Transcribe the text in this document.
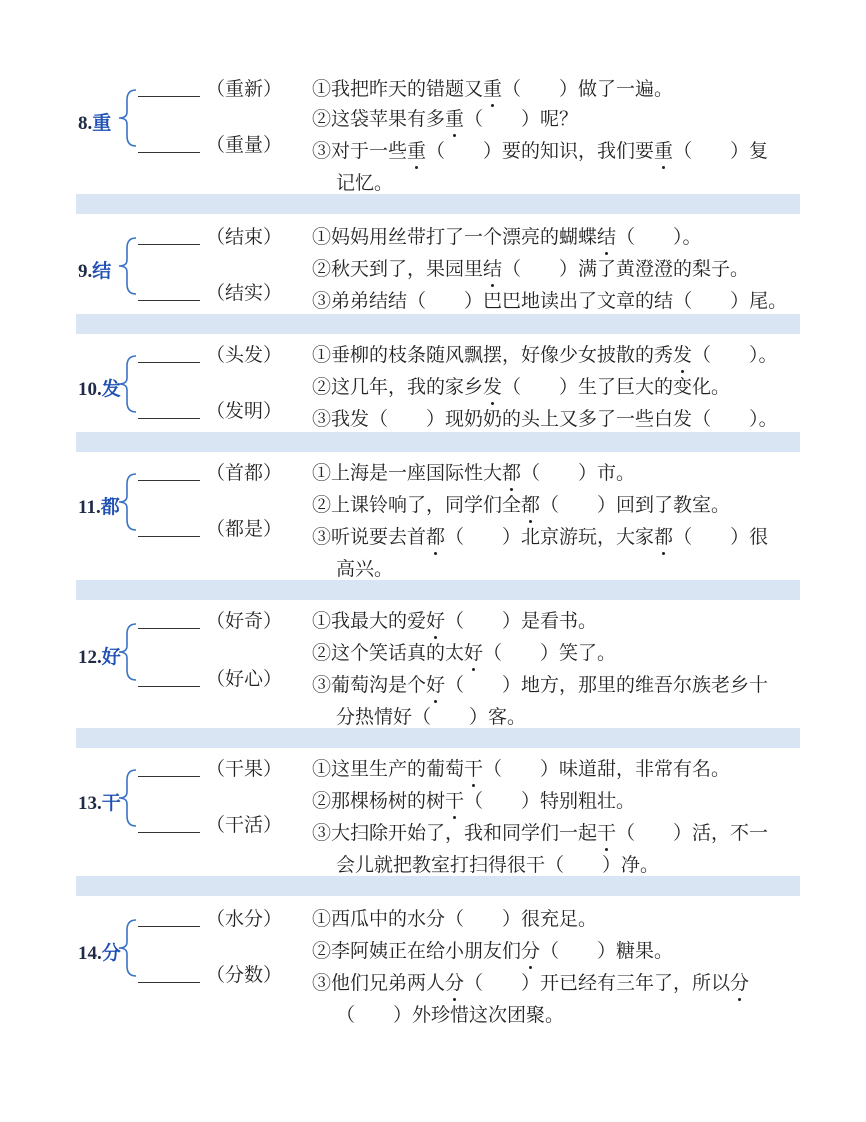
8.重
（重新）
（重量）
①我把昨天的错题又重（　　）做了一遍。
②这袋苹果有多重（　　）呢？
③对于一些重（　　）要的知识，我们要重（　　）复
记忆。
9.结
（结束）
（结实）
①妈妈用丝带打了一个漂亮的蝴蝶结（　　）。
②秋天到了，果园里结（　　）满了黄澄澄的梨子。
③弟弟结结（　　）巴巴地读出了文章的结（　　）尾。
10.发
（头发）
（发明）
①垂柳的枝条随风飘摆，好像少女披散的秀发（　　）。
②这几年，我的家乡发（　　）生了巨大的变化。
③我发（　　）现奶奶的头上又多了一些白发（　　）。
11.都
（首都）
（都是）
①上海是一座国际性大都（　　）市。
②上课铃响了，同学们全都（　　）回到了教室。
③听说要去首都（　　）北京游玩，大家都（　　）很
高兴。
12.好
（好奇）
（好心）
①我最大的爱好（　　）是看书。
②这个笑话真的太好（　　）笑了。
③葡萄沟是个好（　　）地方，那里的维吾尔族老乡十
分热情好（　　）客。
13.干
（干果）
（干活）
①这里生产的葡萄干（　　）味道甜，非常有名。
②那棵杨树的树干（　　）特别粗壮。
③大扫除开始了，我和同学们一起干（　　）活，不一
会儿就把教室打扫得很干（　　）净。
14.分
（水分）
（分数）
①西瓜中的水分（　　）很充足。
②李阿姨正在给小朋友们分（　　）糖果。
③他们兄弟两人分（　　）开已经有三年了，所以分
（　　）外珍惜这次团聚。
